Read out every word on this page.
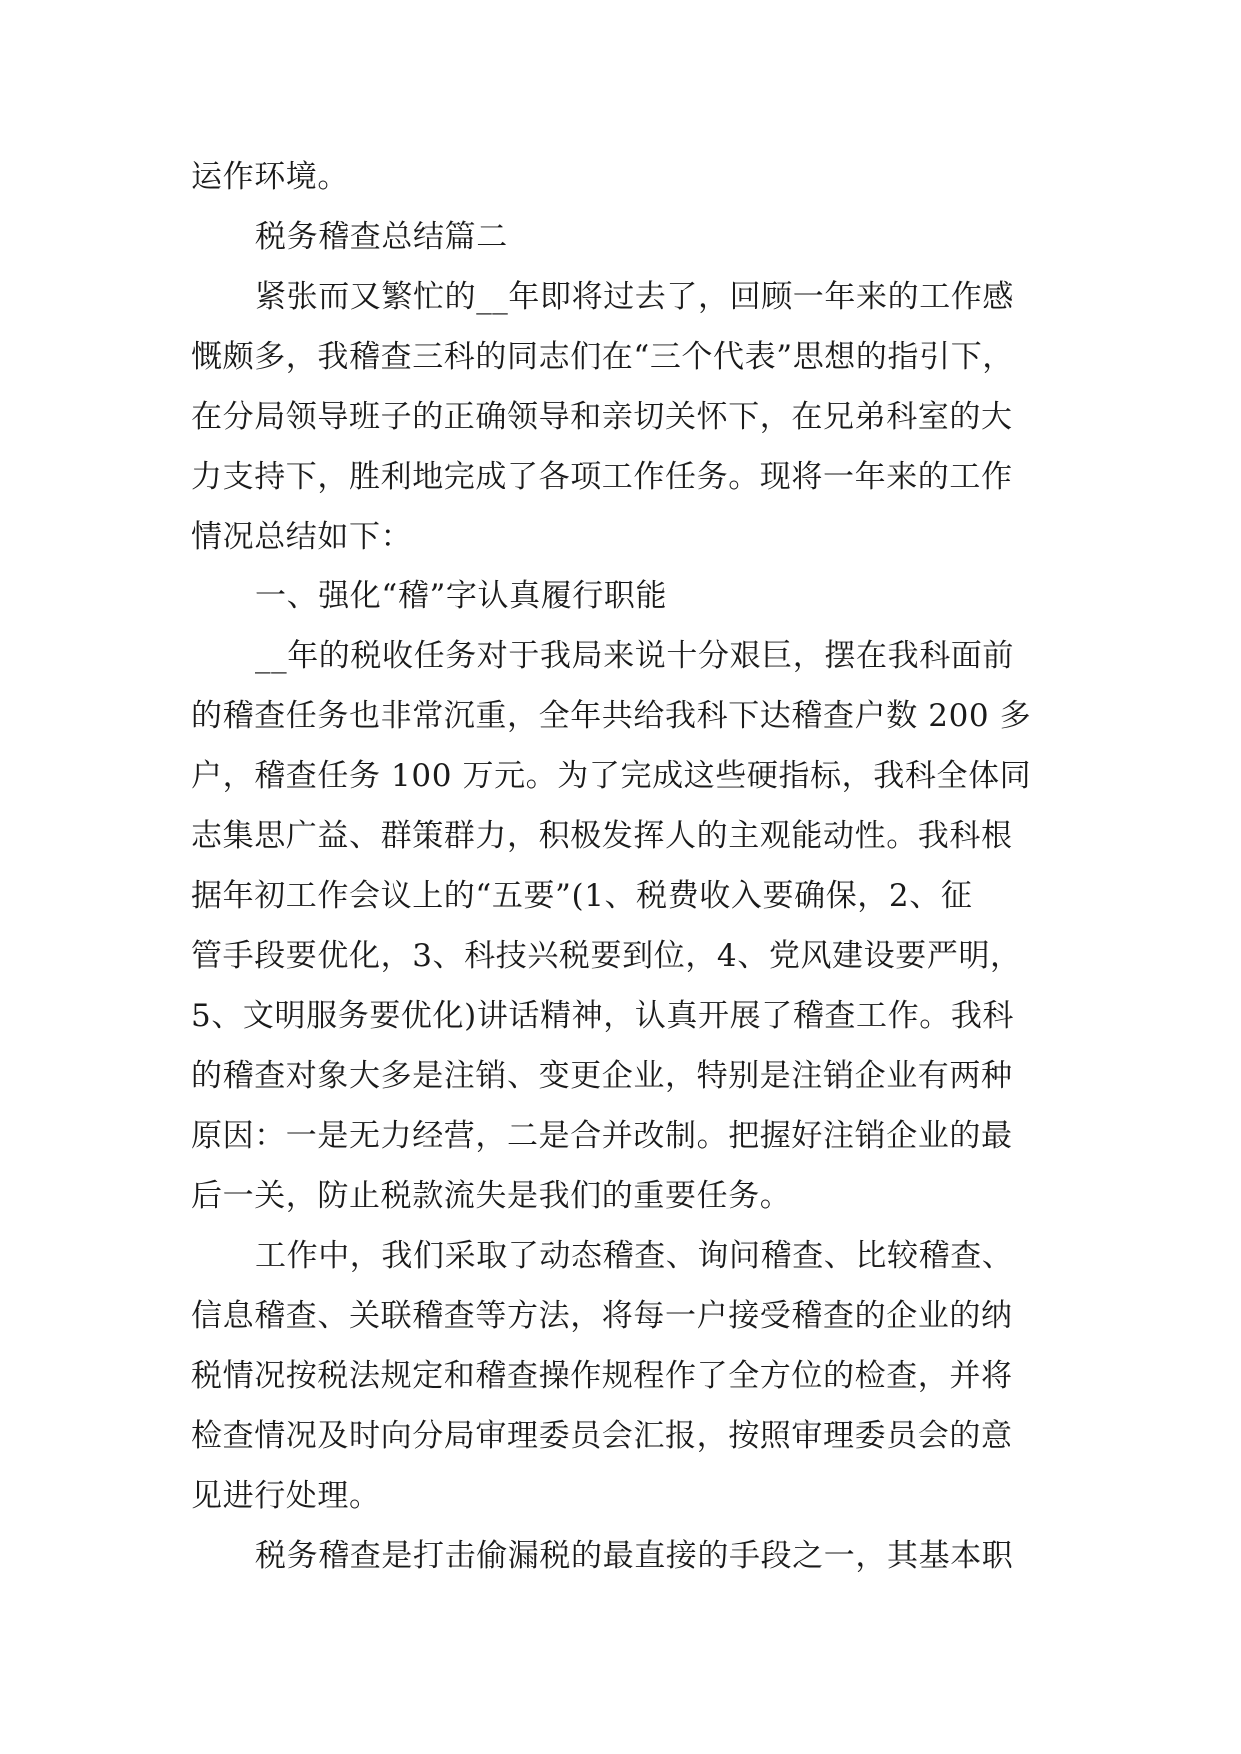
运作环境。
税务稽查总结篇二
紧张而又繁忙的__年即将过去了，回顾一年来的工作感
慨颇多，我稽查三科的同志们在“三个代表”思想的指引下，
在分局领导班子的正确领导和亲切关怀下，在兄弟科室的大
力支持下，胜利地完成了各项工作任务。现将一年来的工作
情况总结如下：
一、强化“稽”字认真履行职能
__年的税收任务对于我局来说十分艰巨，摆在我科面前
的稽查任务也非常沉重，全年共给我科下达稽查户数 200 多
户，稽查任务 100 万元。为了完成这些硬指标，我科全体同
志集思广益、群策群力，积极发挥人的主观能动性。我科根
据年初工作会议上的“五要”(1、税费收入要确保，2、征
管手段要优化，3、科技兴税要到位，4、党风建设要严明，
5、文明服务要优化)讲话精神，认真开展了稽查工作。我科
的稽查对象大多是注销、变更企业，特别是注销企业有两种
原因：一是无力经营，二是合并改制。把握好注销企业的最
后一关，防止税款流失是我们的重要任务。
工作中，我们采取了动态稽查、询问稽查、比较稽查、
信息稽查、关联稽查等方法，将每一户接受稽查的企业的纳
税情况按税法规定和稽查操作规程作了全方位的检查，并将
检查情况及时向分局审理委员会汇报，按照审理委员会的意
见进行处理。
税务稽查是打击偷漏税的最直接的手段之一，其基本职
